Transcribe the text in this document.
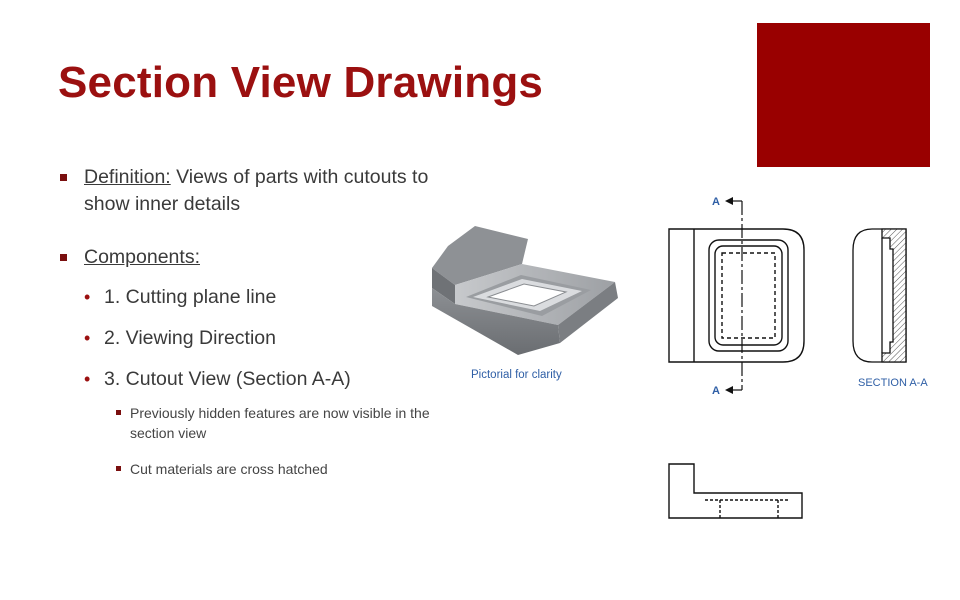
Section View Drawings
Definition: Views of parts with cutouts to show inner details
Components:
• 1. Cutting plane line
• 2. Viewing Direction
• 3. Cutout View (Section A-A)
Previously hidden features are now visible in the section view
Cut materials are cross hatched
Pictorial for clarity
A
A
SECTION A-A
